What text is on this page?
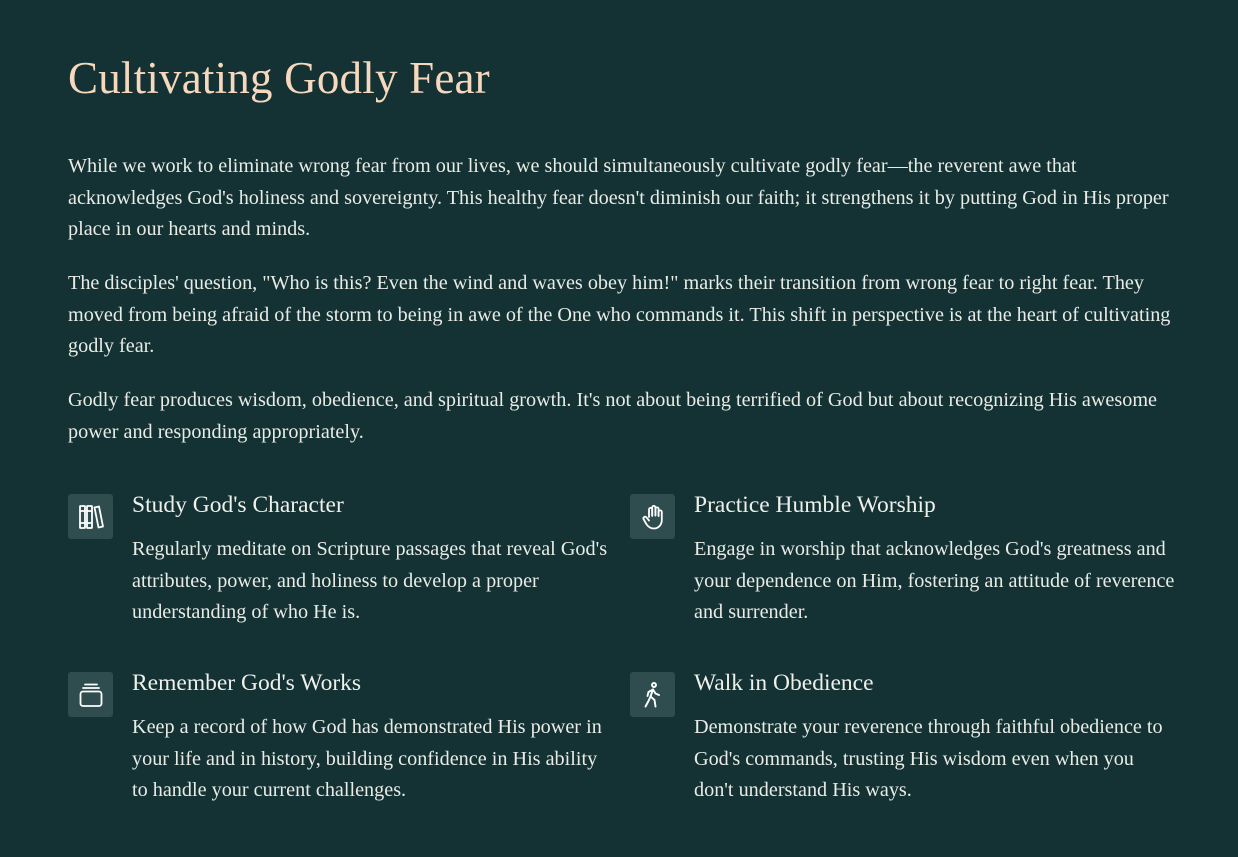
Cultivating Godly Fear

While we work to eliminate wrong fear from our lives, we should simultaneously cultivate godly fear—the reverent awe that acknowledges God's holiness and sovereignty. This healthy fear doesn't diminish our faith; it strengthens it by putting God in His proper place in our hearts and minds.

The disciples' question, "Who is this? Even the wind and waves obey him!" marks their transition from wrong fear to right fear. They moved from being afraid of the storm to being in awe of the One who commands it. This shift in perspective is at the heart of cultivating godly fear.

Godly fear produces wisdom, obedience, and spiritual growth. It's not about being terrified of God but about recognizing His awesome power and responding appropriately.

Study God's Character
Regularly meditate on Scripture passages that reveal God's attributes, power, and holiness to develop a proper understanding of who He is.
Practice Humble Worship
Engage in worship that acknowledges God's greatness and your dependence on Him, fostering an attitude of reverence and surrender.
Remember God's Works
Keep a record of how God has demonstrated His power in your life and in history, building confidence in His ability to handle your current challenges.
Walk in Obedience
Demonstrate your reverence through faithful obedience to God's commands, trusting His wisdom even when you don't understand His ways.
